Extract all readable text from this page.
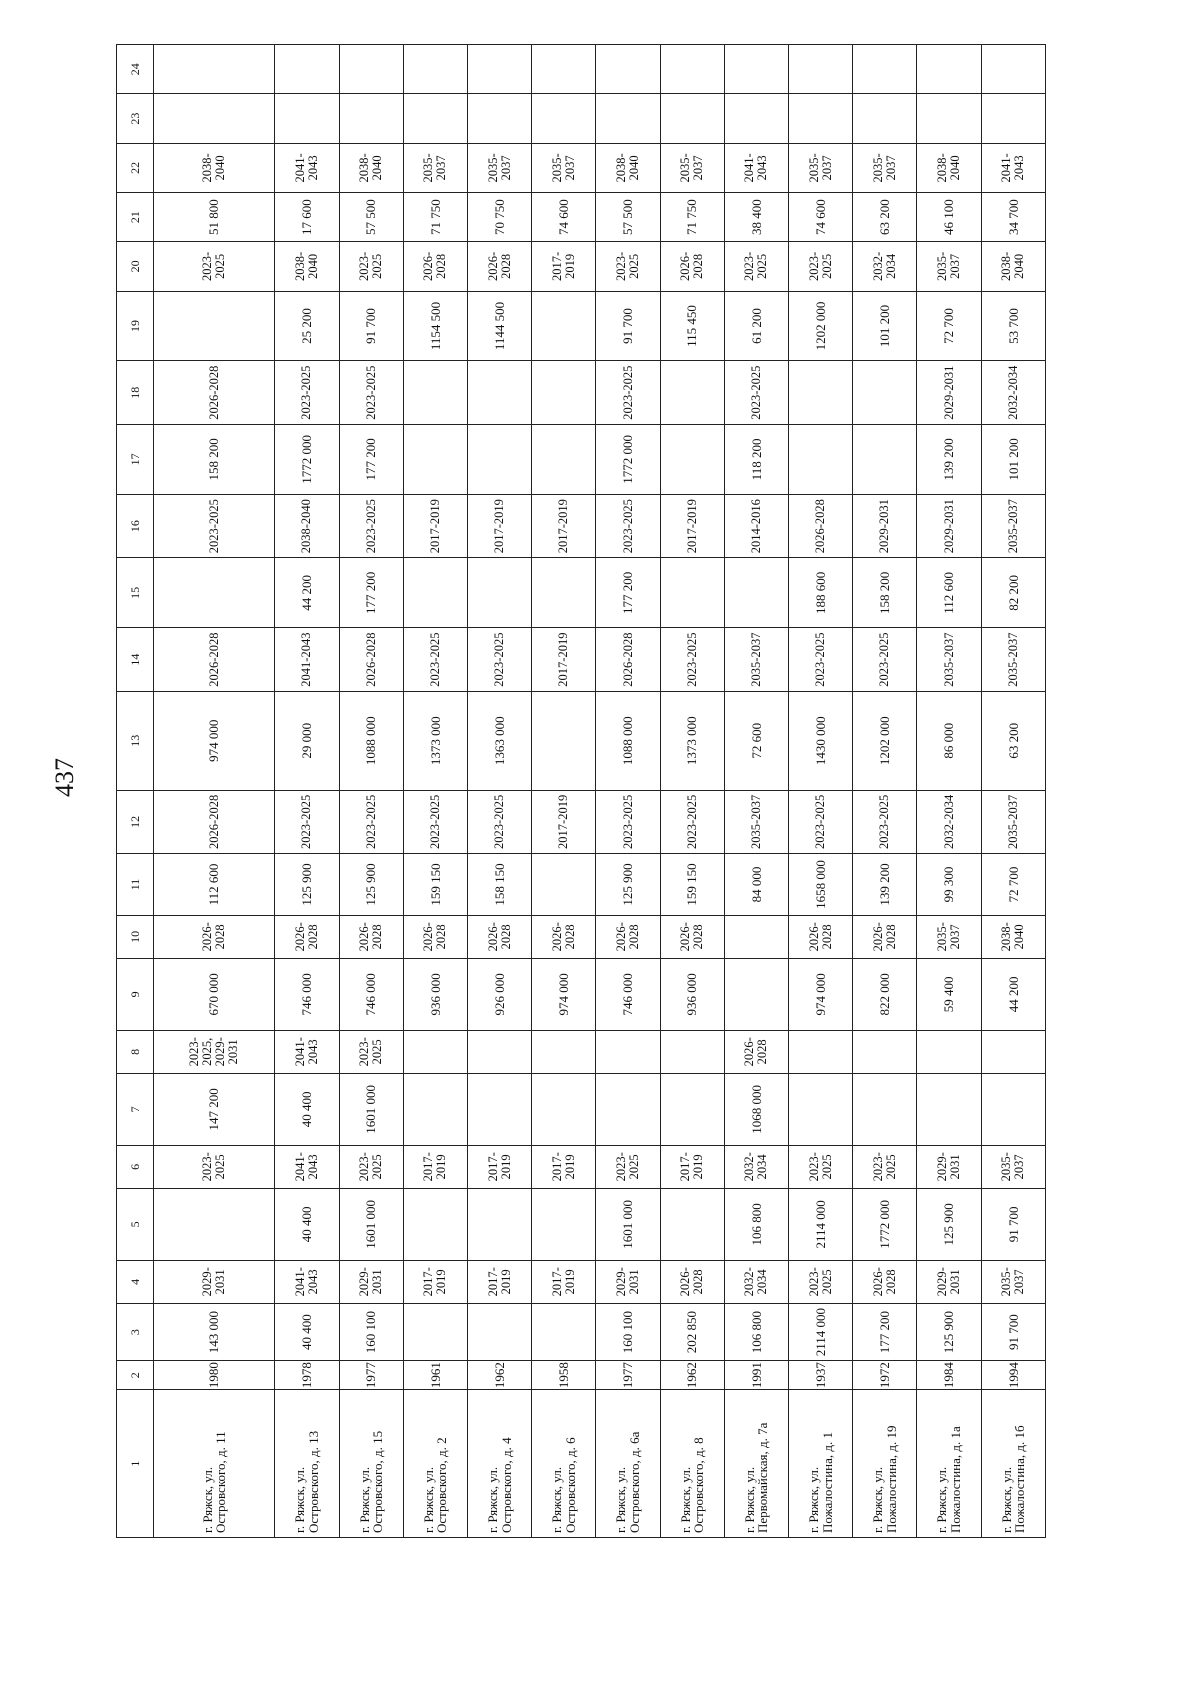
437
1	2	3	4	5	6	7	8	9	10	11	12	13	14	15	16	17	18	19	20	21	22	23	24
г. Ряжск, ул. Островского, д. 11	1980	143 000	2029-2031		2023-2025	147 200	2023-2025, 2029-2031	670 000	2026-2028	112 600	2026-2028	974 000	2026-2028		2023-2025	158 200	2026-2028		2023-2025	51 800	2038-2040		
г. Ряжск, ул. Островского, д. 13	1978	40 400	2041-2043	40 400	2041-2043	40 400	2041-2043	746 000	2026-2028	125 900	2023-2025	29 000	2041-2043	44 200	2038-2040	1772 000	2023-2025	25 200	2038-2040	17 600	2041-2043		
г. Ряжск, ул. Островского, д. 15	1977	160 100	2029-2031	1601 000	2023-2025	1601 000	2023-2025	746 000	2026-2028	125 900	2023-2025	1088 000	2026-2028	177 200	2023-2025	177 200	2023-2025	91 700	2023-2025	57 500	2038-2040		
г. Ряжск, ул. Островского, д. 2	1961		2017-2019		2017-2019			936 000	2026-2028	159 150	2023-2025	1373 000	2023-2025		2017-2019			1154 500	2026-2028	71 750	2035-2037		
г. Ряжск, ул. Островского, д. 4	1962		2017-2019		2017-2019			926 000	2026-2028	158 150	2023-2025	1363 000	2023-2025		2017-2019			1144 500	2026-2028	70 750	2035-2037		
г. Ряжск, ул. Островского, д. 6	1958		2017-2019		2017-2019			974 000	2026-2028		2017-2019		2017-2019		2017-2019				2017-2019	74 600	2035-2037		
г. Ряжск, ул. Островского, д. 6а	1977	160 100	2029-2031	1601 000	2023-2025			746 000	2026-2028	125 900	2023-2025	1088 000	2026-2028	177 200	2023-2025	1772 000	2023-2025	91 700	2023-2025	57 500	2038-2040		
г. Ряжск, ул. Островского, д. 8	1962	202 850	2026-2028		2017-2019			936 000	2026-2028	159 150	2023-2025	1373 000	2023-2025		2017-2019			115 450	2026-2028	71 750	2035-2037		
г. Ряжск, ул. Первомайская, д. 7а	1991	106 800	2032-2034	106 800	2032-2034	1068 000	2026-2028			84 000	2035-2037	72 600	2035-2037		2014-2016	118 200	2023-2025	61 200	2023-2025	38 400	2041-2043		
г. Ряжск, ул. Пожалостина, д. 1	1937	2114 000	2023-2025	2114 000	2023-2025			974 000	2026-2028	1658 000	2023-2025	1430 000	2023-2025	188 600	2026-2028			1202 000	2023-2025	74 600	2035-2037		
г. Ряжск, ул. Пожалостина, д. 19	1972	177 200	2026-2028	1772 000	2023-2025			822 000	2026-2028	139 200	2023-2025	1202 000	2023-2025	158 200	2029-2031			101 200	2032-2034	63 200	2035-2037		
г. Ряжск, ул. Пожалостина, д. 1а	1984	125 900	2029-2031	125 900	2029-2031			59 400	2035-2037	99 300	2032-2034	86 000	2035-2037	112 600	2029-2031	139 200	2029-2031	72 700	2035-2037	46 100	2038-2040		
г. Ряжск, ул. Пожалостина, д. 1б	1994	91 700	2035-2037	91 700	2035-2037			44 200	2038-2040	72 700	2035-2037	63 200	2035-2037	82 200	2035-2037	101 200	2032-2034	53 700	2038-2040	34 700	2041-2043		
